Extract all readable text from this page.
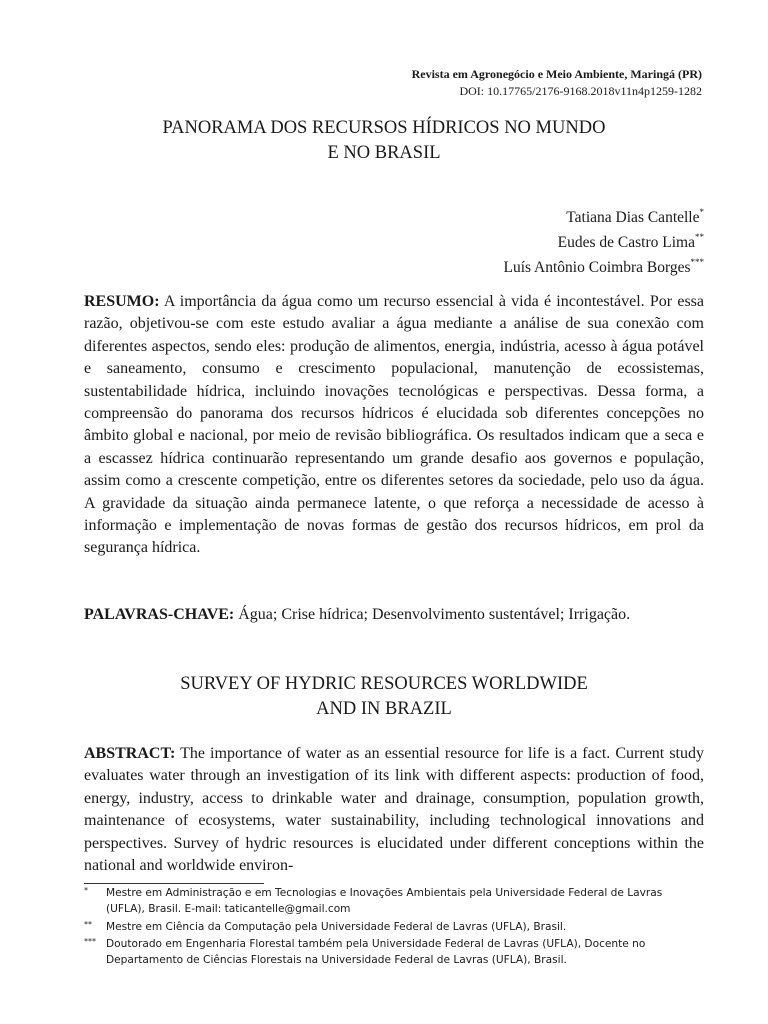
Revista em Agronegócio e Meio Ambiente, Maringá (PR)
DOI: 10.17765/2176-9168.2018v11n4p1259-1282
PANORAMA DOS RECURSOS HÍDRICOS NO MUNDO
E NO BRASIL
Tatiana Dias Cantelle*
Eudes de Castro Lima**
Luís Antônio Coimbra Borges***
RESUMO: A importância da água como um recurso essencial à vida é incontestável. Por essa razão, objetivou-se com este estudo avaliar a água mediante a análise de sua conexão com diferentes aspectos, sendo eles: produção de alimentos, energia, indústria, acesso à água potável e saneamento, consumo e crescimento populacional, manutenção de ecossistemas, sustentabilidade hídrica, incluindo inovações tecnológicas e perspectivas. Dessa forma, a compreensão do panorama dos recursos hídricos é elucidada sob diferentes concepções no âmbito global e nacional, por meio de revisão bibliográfica. Os resultados indicam que a seca e a escassez hídrica continuarão representando um grande desafio aos governos e população, assim como a crescente competição, entre os diferentes setores da sociedade, pelo uso da água. A gravidade da situação ainda permanece latente, o que reforça a necessidade de acesso à informação e implementação de novas formas de gestão dos recursos hídricos, em prol da segurança hídrica.
PALAVRAS-CHAVE: Água; Crise hídrica; Desenvolvimento sustentável; Irrigação.
SURVEY OF HYDRIC RESOURCES WORLDWIDE
AND IN BRAZIL
ABSTRACT: The importance of water as an essential resource for life is a fact. Current study evaluates water through an investigation of its link with different aspects: production of food, energy, industry, access to drinkable water and drainage, consumption, population growth, maintenance of ecosystems, water sustainability, including technological innovations and perspectives. Survey of hydric resources is elucidated under different conceptions within the national and worldwide environ-
* Mestre em Administração e em Tecnologias e Inovações Ambientais pela Universidade Federal de Lavras (UFLA), Brasil. E-mail: taticantelle@gmail.com
** Mestre em Ciência da Computação pela Universidade Federal de Lavras (UFLA), Brasil.
*** Doutorado em Engenharia Florestal também pela Universidade Federal de Lavras (UFLA), Docente no Departamento de Ciências Florestais na Universidade Federal de Lavras (UFLA), Brasil.
